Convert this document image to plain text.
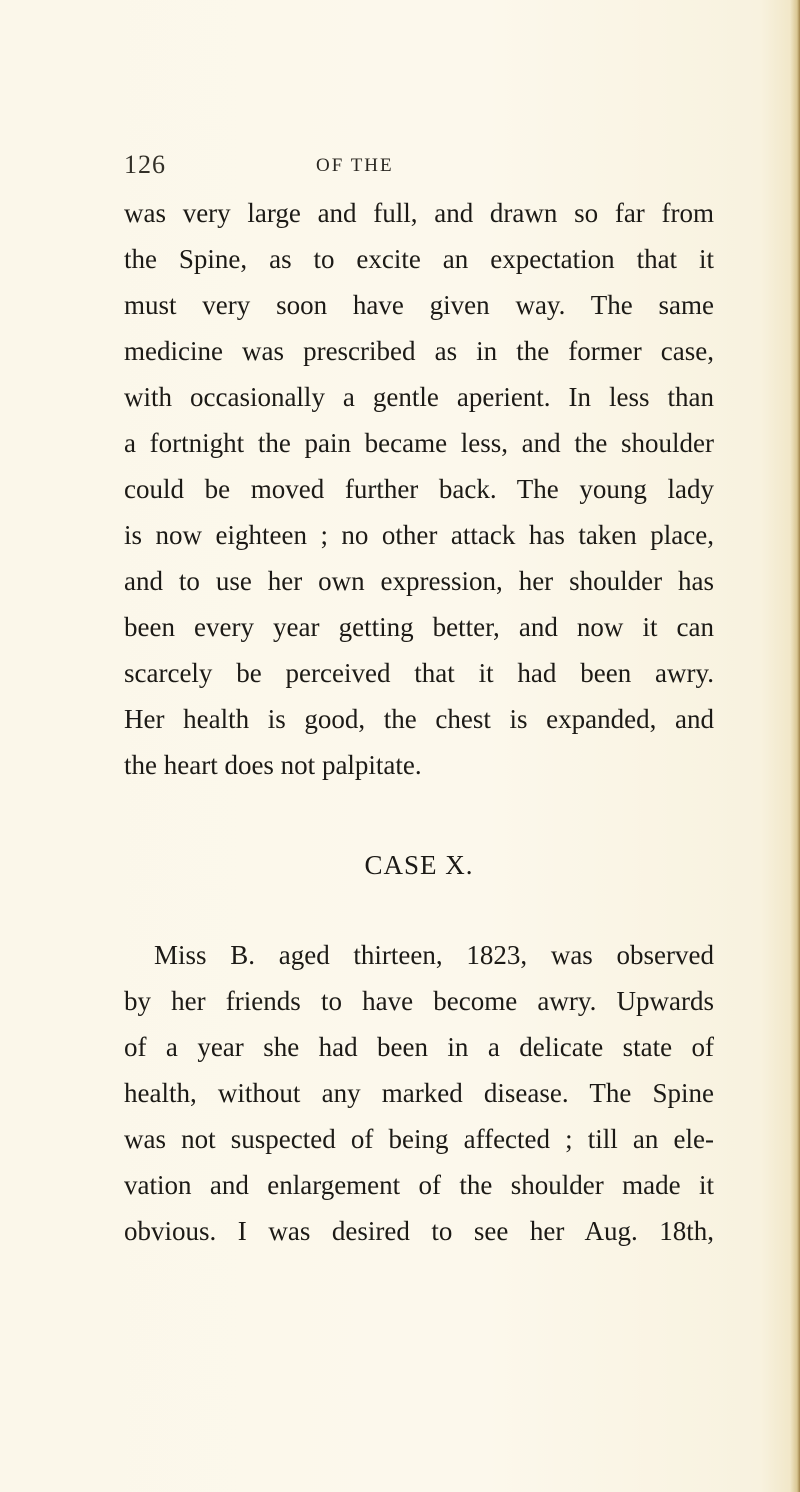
126	OF THE
was very large and full, and drawn so far from
the Spine, as to excite an expectation that it
must very soon have given way. The same
medicine was prescribed as in the former case,
with occasionally a gentle aperient. In less than
a fortnight the pain became less, and the shoulder
could be moved further back. The young lady
is now eighteen ; no other attack has taken place,
and to use her own expression, her shoulder has
been every year getting better, and now it can
scarcely be perceived that it had been awry.
Her health is good, the chest is expanded, and
the heart does not palpitate.
CASE X.
Miss B. aged thirteen, 1823, was observed
by her friends to have become awry. Upwards
of a year she had been in a delicate state of
health, without any marked disease. The Spine
was not suspected of being affected ; till an ele-
vation and enlargement of the shoulder made it
obvious. I was desired to see her Aug. 18th,
